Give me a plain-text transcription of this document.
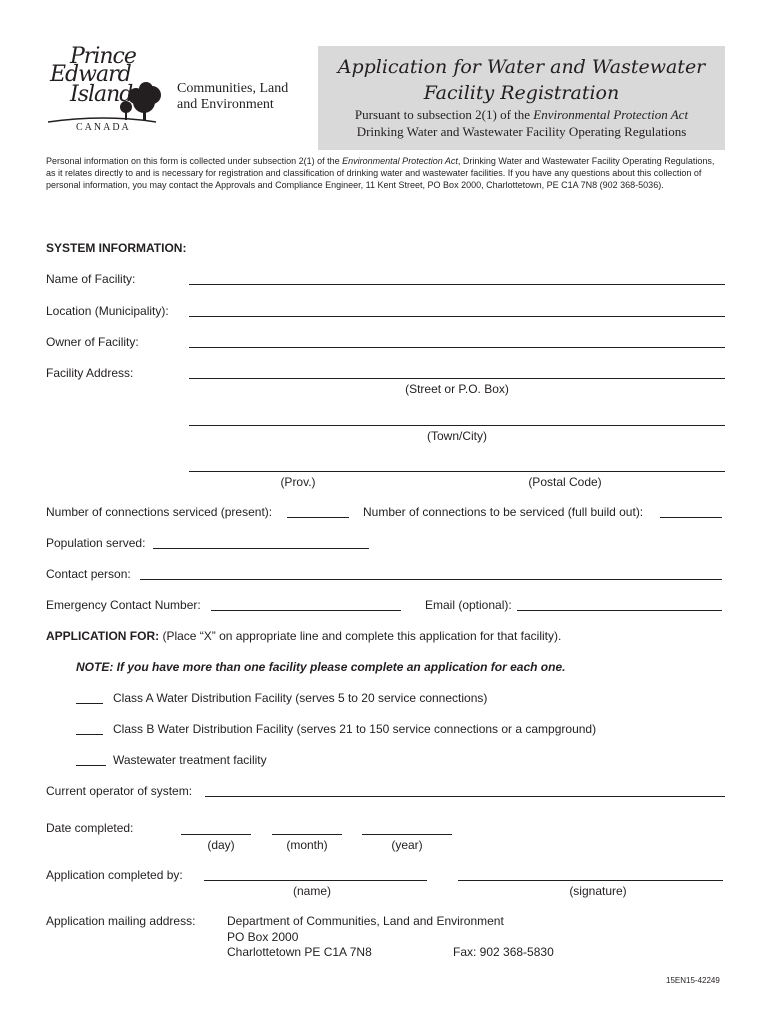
Prince
Edward
Island
CANADA
Communities, Land
and Environment
Application for Water and Wastewater
Facility Registration
Pursuant to subsection 2(1) of the Environmental Protection Act
Drinking Water and Wastewater Facility Operating Regulations
Personal information on this form is collected under subsection 2(1) of the Environmental Protection Act, Drinking Water and Wastewater Facility Operating Regulations, as it relates directly to and is necessary for registration and classification of drinking water and wastewater facilities. If you have any questions about this collection of personal information, you may contact the Approvals and Compliance Engineer, 11 Kent Street, PO Box 2000, Charlottetown, PE C1A 7N8 (902 368-5036).
SYSTEM INFORMATION:
Name of Facility:
Location (Municipality):
Owner of Facility:
Facility Address:
(Street or P.O. Box)
(Town/City)
(Prov.)	(Postal Code)
Number of connections serviced (present):	Number of connections to be serviced (full build out):
Population served:
Contact person:
Emergency Contact Number:	Email (optional):
APPLICATION FOR: (Place “X” on appropriate line and complete this application for that facility).
NOTE: If you have more than one facility please complete an application for each one.
Class A Water Distribution Facility (serves 5 to 20 service connections)
Class B Water Distribution Facility (serves 21 to 150 service connections or a campground)
Wastewater treatment facility
Current operator of system:
Date completed:
(day)	(month)	(year)
Application completed by:
(name)	(signature)
Application mailing address:	Department of Communities, Land and Environment
PO Box 2000
Charlottetown PE C1A 7N8	Fax: 902 368-5830
15EN15-42249
